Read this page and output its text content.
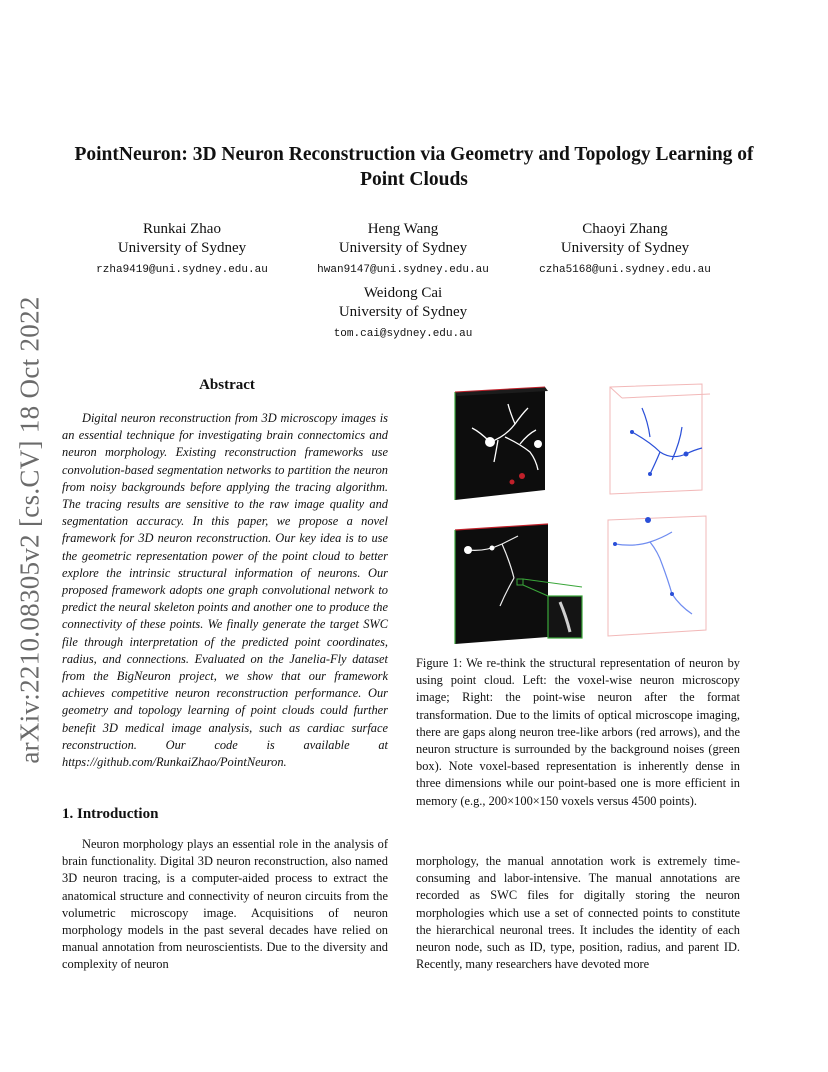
arXiv:2210.08305v2 [cs.CV] 18 Oct 2022
PointNeuron: 3D Neuron Reconstruction via Geometry and Topology Learning of Point Clouds
Runkai Zhao
University of Sydney
rzha9419@uni.sydney.edu.au
Heng Wang
University of Sydney
hwan9147@uni.sydney.edu.au
Chaoyi Zhang
University of Sydney
czha5168@uni.sydney.edu.au
Weidong Cai
University of Sydney
tom.cai@sydney.edu.au
Abstract
Digital neuron reconstruction from 3D microscopy images is an essential technique for investigating brain connectomics and neuron morphology. Existing reconstruction frameworks use convolution-based segmentation networks to partition the neuron from noisy backgrounds before applying the tracing algorithm. The tracing results are sensitive to the raw image quality and segmentation accuracy. In this paper, we propose a novel framework for 3D neuron reconstruction. Our key idea is to use the geometric representation power of the point cloud to better explore the intrinsic structural information of neurons. Our proposed framework adopts one graph convolutional network to predict the neural skeleton points and another one to produce the connectivity of these points. We finally generate the target SWC file through interpretation of the predicted point coordinates, radius, and connections. Evaluated on the Janelia-Fly dataset from the BigNeuron project, we show that our framework achieves competitive neuron reconstruction performance. Our geometry and topology learning of point clouds could further benefit 3D medical image analysis, such as cardiac surface reconstruction. Our code is available at https://github.com/RunkaiZhao/PointNeuron.
1. Introduction
Neuron morphology plays an essential role in the analysis of brain functionality. Digital 3D neuron reconstruction, also named 3D neuron tracing, is a computer-aided process to extract the anatomical structure and connectivity of neuron circuits from the volumetric microscopy image. Acquisitions of neuron morphology models in the past several decades have relied on manual annotation from neuroscientists. Due to the diversity and complexity of neuron
morphology, the manual annotation work is extremely time-consuming and labor-intensive. The manual annotations are recorded as SWC files for digitally storing the neuron morphologies which use a set of connected points to constitute the hierarchical neuronal trees. It includes the identity of each neuron node, such as ID, type, position, radius, and parent ID. Recently, many researchers have devoted more
Figure 1: We re-think the structural representation of neuron by using point cloud. Left: the voxel-wise neuron microscopy image; Right: the point-wise neuron after the format transformation. Due to the limits of optical microscope imaging, there are gaps along neuron tree-like arbors (red arrows), and the neuron structure is surrounded by the background noises (green box). Note voxel-based representation is inherently dense in three dimensions while our point-based one is more efficient in memory (e.g., 200×100×150 voxels versus 4500 points).
